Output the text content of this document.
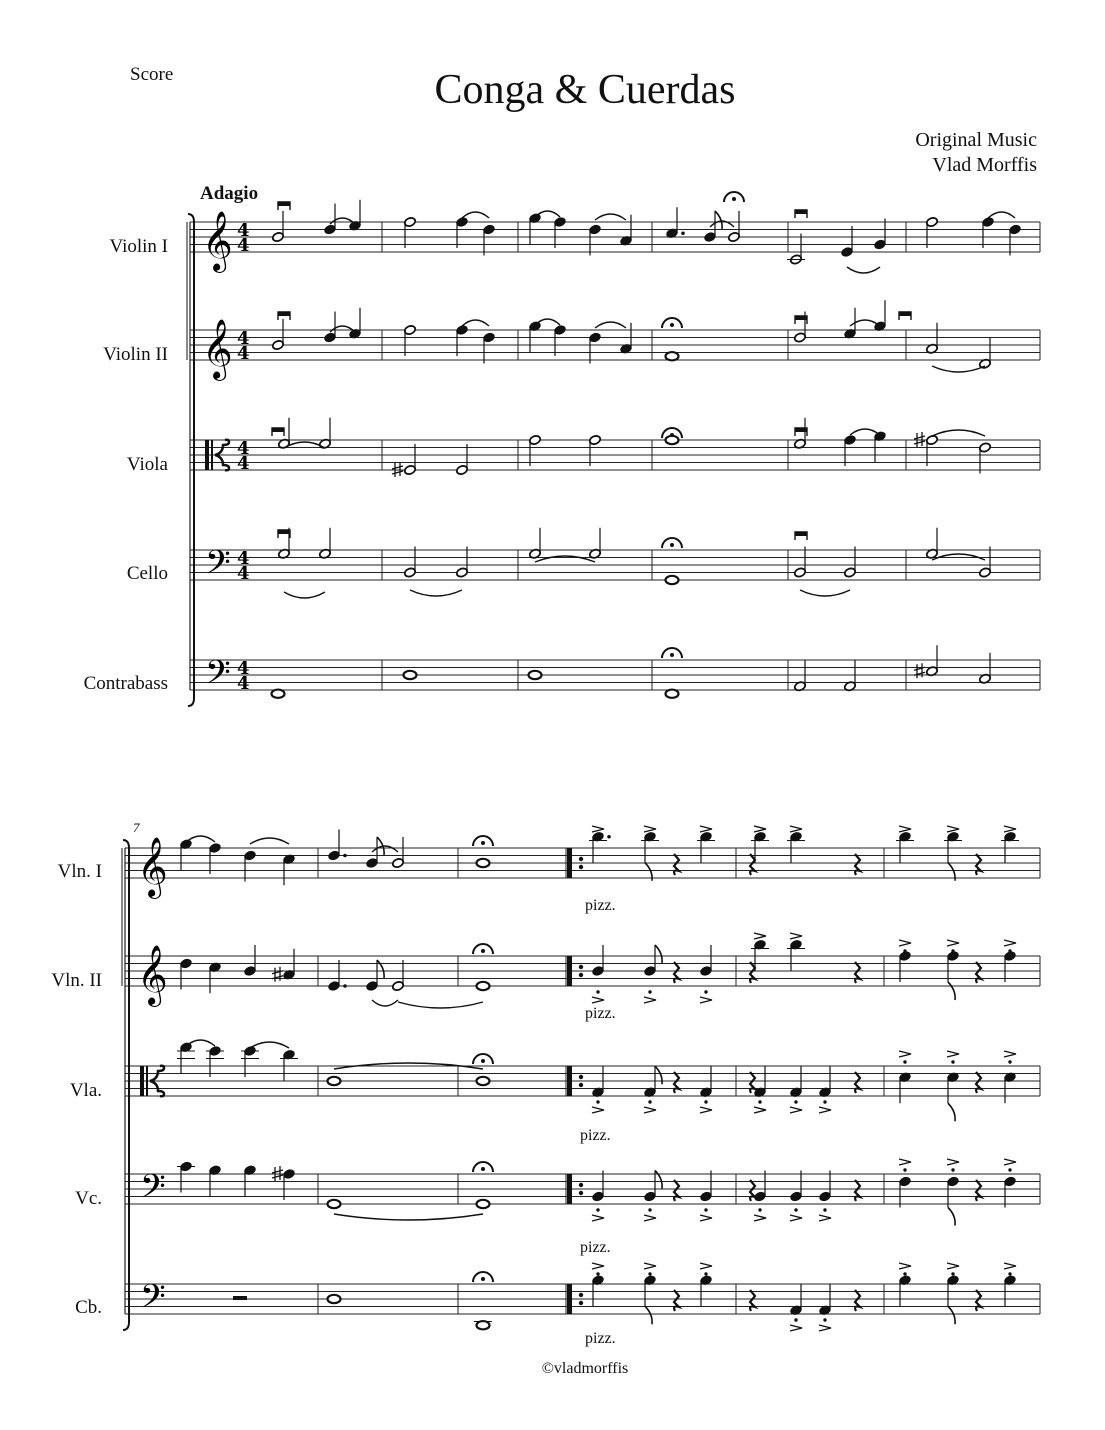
Score	Conga & Cuerdas
Original Music
Vlad Morffis
Adagio
Violin I
Violin II
Viola
Cello
Contrabass
7
Vln. I
Vln. II
Vla.
Vc.
Cb.
pizz.
pizz.
pizz.
pizz.
pizz.
©vladmorffis
𝄞 4
4
𝄞 4
4
4
4
𝄢 4
4
𝄢 4
4
𝄞
𝄞
𝄢
𝄢
